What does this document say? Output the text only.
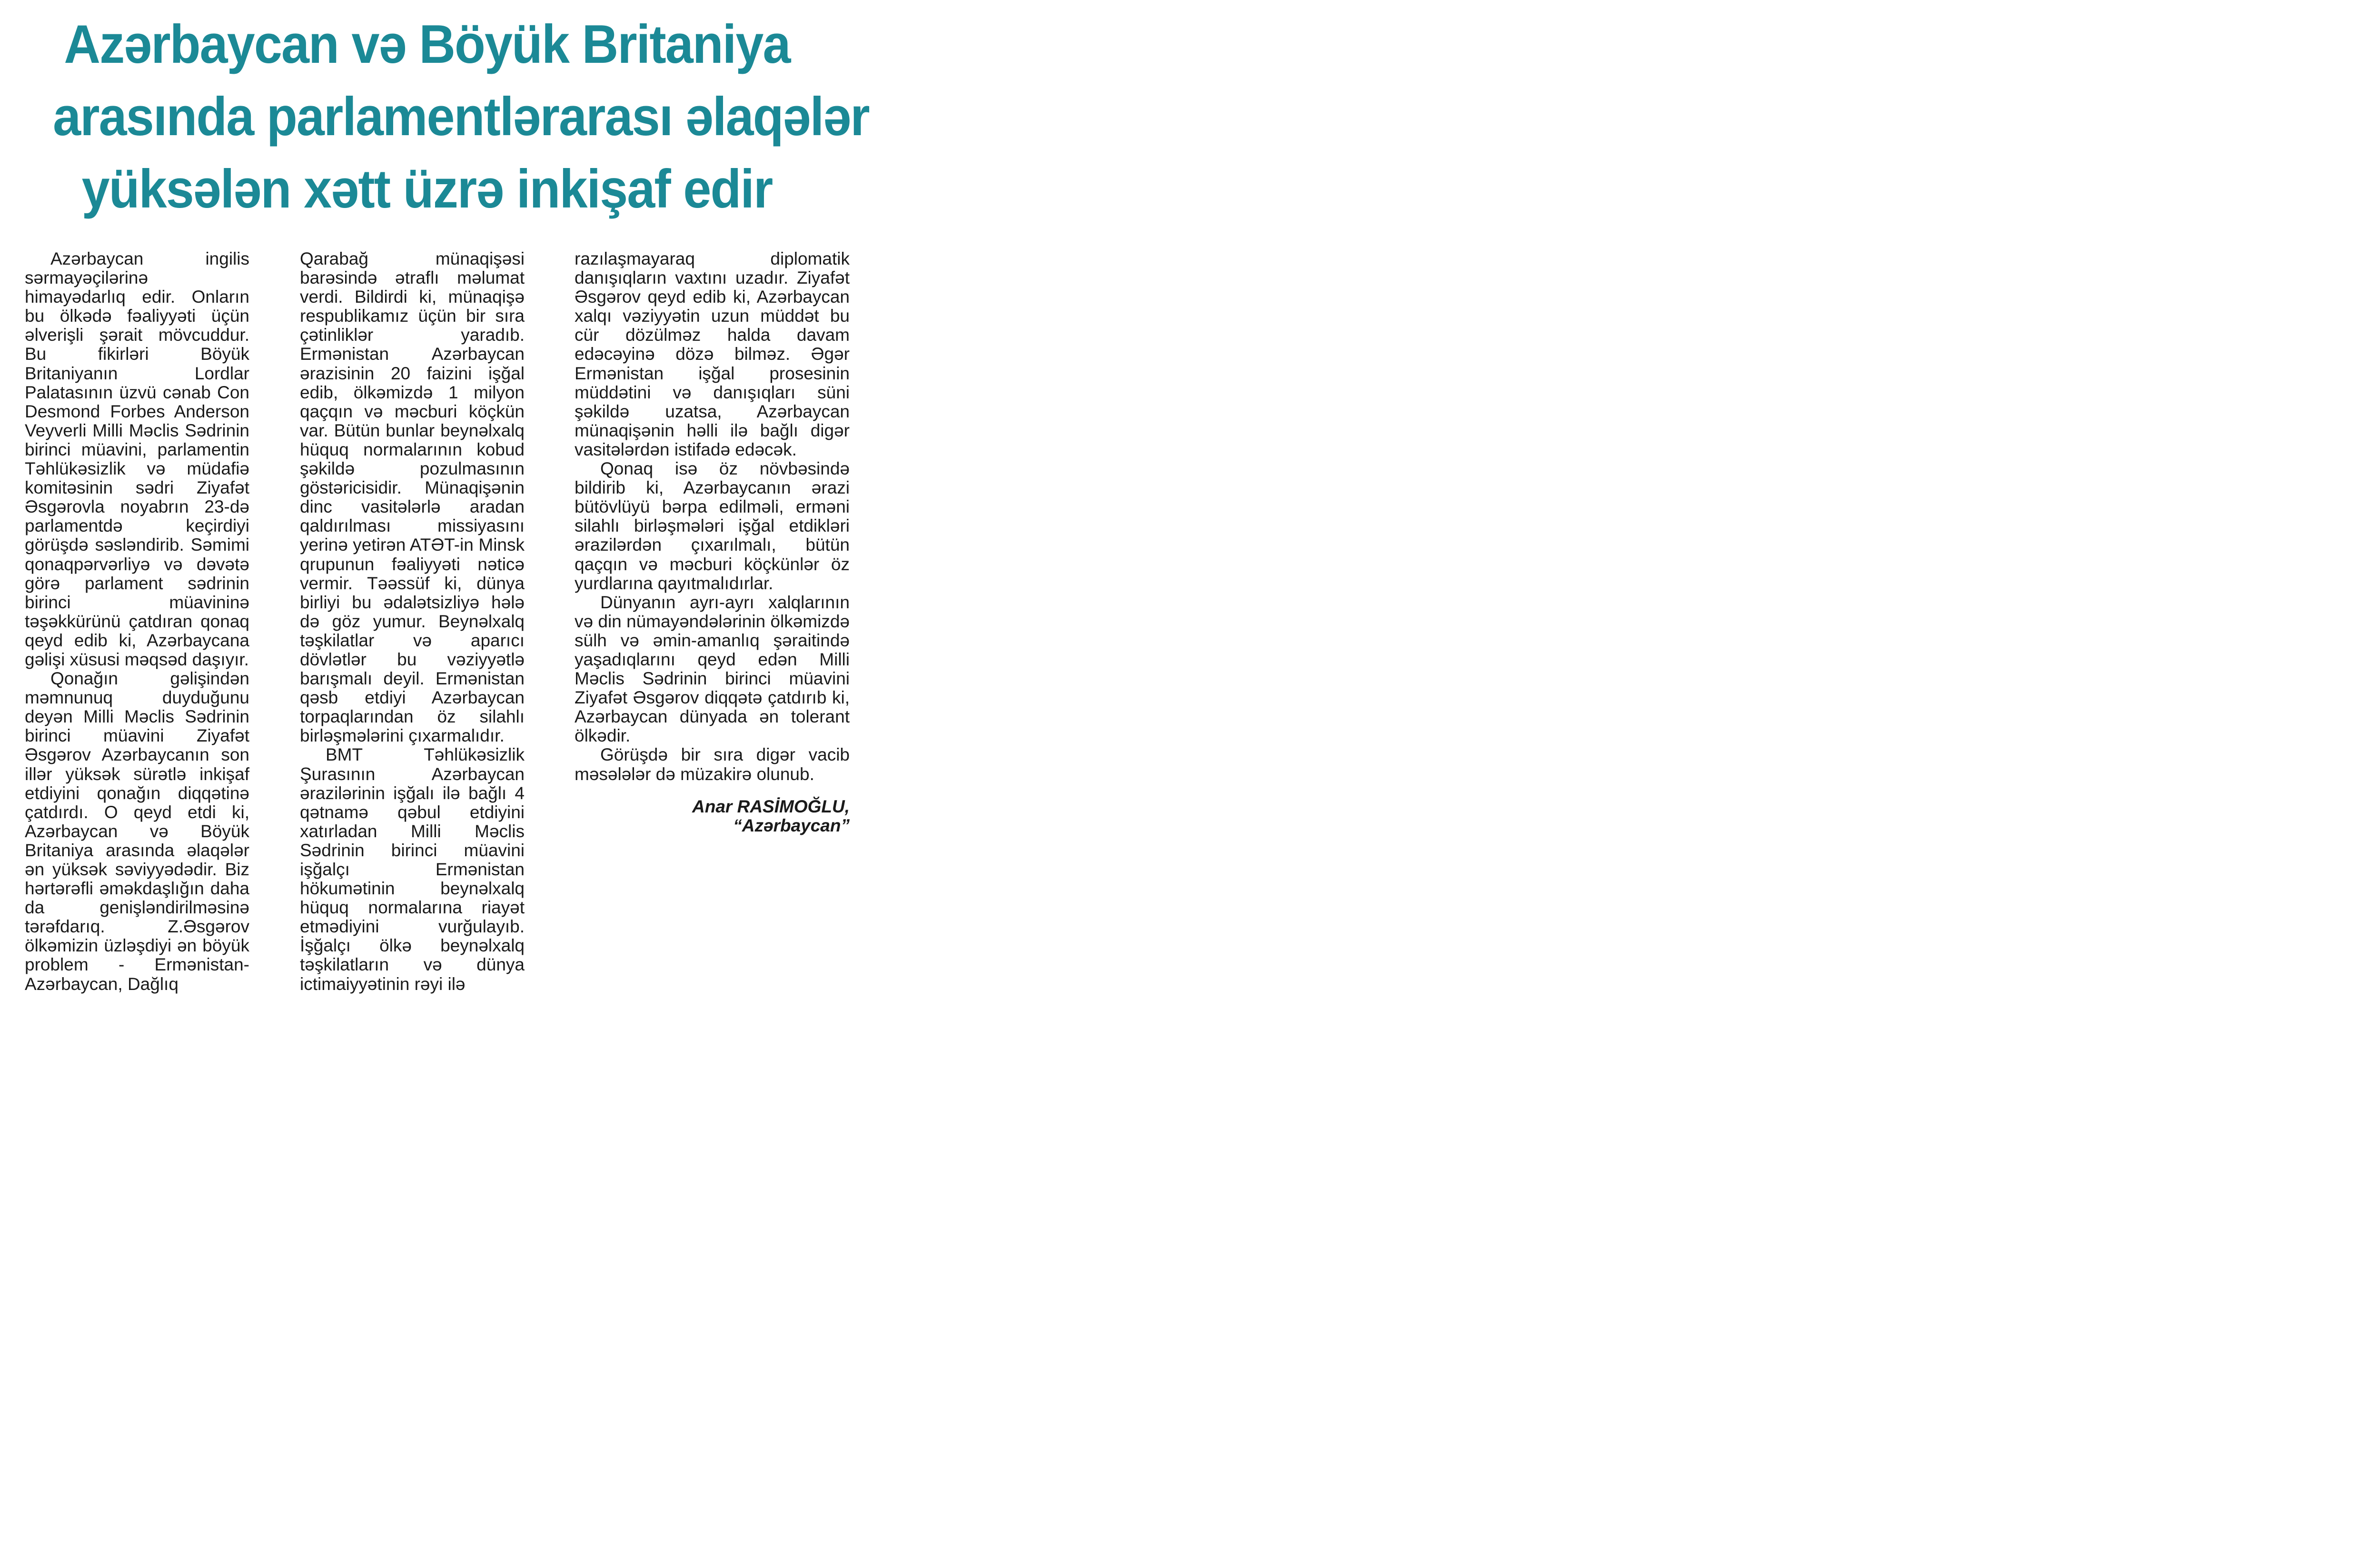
Azərbaycan və Böyük Britaniya
arasında parlamentlərarası əlaqələr
yüksələn xətt üzrə inkişaf edir

Azərbaycan ingilis sərmayəçilərinə himayədarlıq edir. Onların bu ölkədə fəaliyyəti üçün əlverişli şərait mövcuddur. Bu fikirləri Böyük Britaniyanın Lordlar Palatasının üzvü cənab Con Desmond Forbes Anderson Veyverli Milli Məclis Sədrinin birinci müavini, parlamentin Təhlükəsizlik və müdafiə komitəsinin sədri Ziyafət Əsgərovla noyabrın 23-də parlamentdə keçirdiyi görüşdə səsləndirib. Səmimi qonaqpərvərliyə və dəvətə görə parlament sədrinin birinci müavininə təşəkkürünü çatdıran qonaq qeyd edib ki, Azərbaycana gəlişi xüsusi məqsəd daşıyır.

Qonağın gəlişindən məmnunuq duyduğunu deyən Milli Məclis Sədrinin birinci müavini Ziyafət Əsgərov Azərbaycanın son illər yüksək sürətlə inkişaf etdiyini qonağın diqqətinə çatdırdı. O qeyd etdi ki, Azərbaycan və Böyük Britaniya arasında əlaqələr ən yüksək səviyyədədir. Biz hərtərəfli əməkdaşlığın daha da genişləndirilməsinə tərəfdarıq. Z.Əsgərov ölkəmizin üzləşdiyi ən böyük problem - Ermənistan-Azərbaycan, Dağlıq

Qarabağ münaqişəsi barəsində ətraflı məlumat verdi. Bildirdi ki, münaqişə respublikamız üçün bir sıra çətinliklər yaradıb. Ermənistan Azərbaycan ərazisinin 20 faizini işğal edib, ölkəmizdə 1 milyon qaçqın və məcburi köçkün var. Bütün bunlar beynəlxalq hüquq normalarının kobud şəkildə pozulmasının göstəricisidir. Münaqişənin dinc vasitələrlə aradan qaldırılması missiyasını yerinə yetirən ATƏT-in Minsk qrupunun fəaliyyəti nəticə vermir. Təəssüf ki, dünya birliyi bu ədalətsizliyə hələ də göz yumur. Beynəlxalq təşkilatlar və aparıcı dövlətlər bu vəziyyətlə barışmalı deyil. Ermənistan qəsb etdiyi Azərbaycan torpaqlarından öz silahlı birləşmələrini çıxarmalıdır.

BMT Təhlükəsizlik Şurasının Azərbaycan ərazilərinin işğalı ilə bağlı 4 qətnamə qəbul etdiyini xatırladan Milli Məclis Sədrinin birinci müavini işğalçı Ermənistan hökumətinin beynəlxalq hüquq normalarına riayət etmədiyini vurğulayıb. İşğalçı ölkə beynəlxalq təşkilatların və dünya ictimaiyyətinin rəyi ilə

razılaşmayaraq diplomatik danışıqların vaxtını uzadır. Ziyafət Əsgərov qeyd edib ki, Azərbaycan xalqı vəziyyətin uzun müddət bu cür dözülməz halda davam edəcəyinə dözə bilməz. Əgər Ermənistan işğal prosesinin müddətini və danışıqları süni şəkildə uzatsa, Azərbaycan münaqişənin həlli ilə bağlı digər vasitələrdən istifadə edəcək.

Qonaq isə öz növbəsində bildirib ki, Azərbaycanın ərazi bütövlüyü bərpa edilməli, erməni silahlı birləşmələri işğal etdikləri ərazilərdən çıxarılmalı, bütün qaçqın və məcburi köçkünlər öz yurdlarına qayıtmalıdırlar.

Dünyanın ayrı-ayrı xalqlarının və din nümayəndələrinin ölkəmizdə sülh və əmin-amanlıq şəraitində yaşadıqlarını qeyd edən Milli Məclis Sədrinin birinci müavini Ziyafət Əsgərov diqqətə çatdırıb ki, Azərbaycan dünyada ən tolerant ölkədir.

Görüşdə bir sıra digər vacib məsələlər də müzakirə olunub.

Anar RASİMOĞLU,
“Azərbaycan”
